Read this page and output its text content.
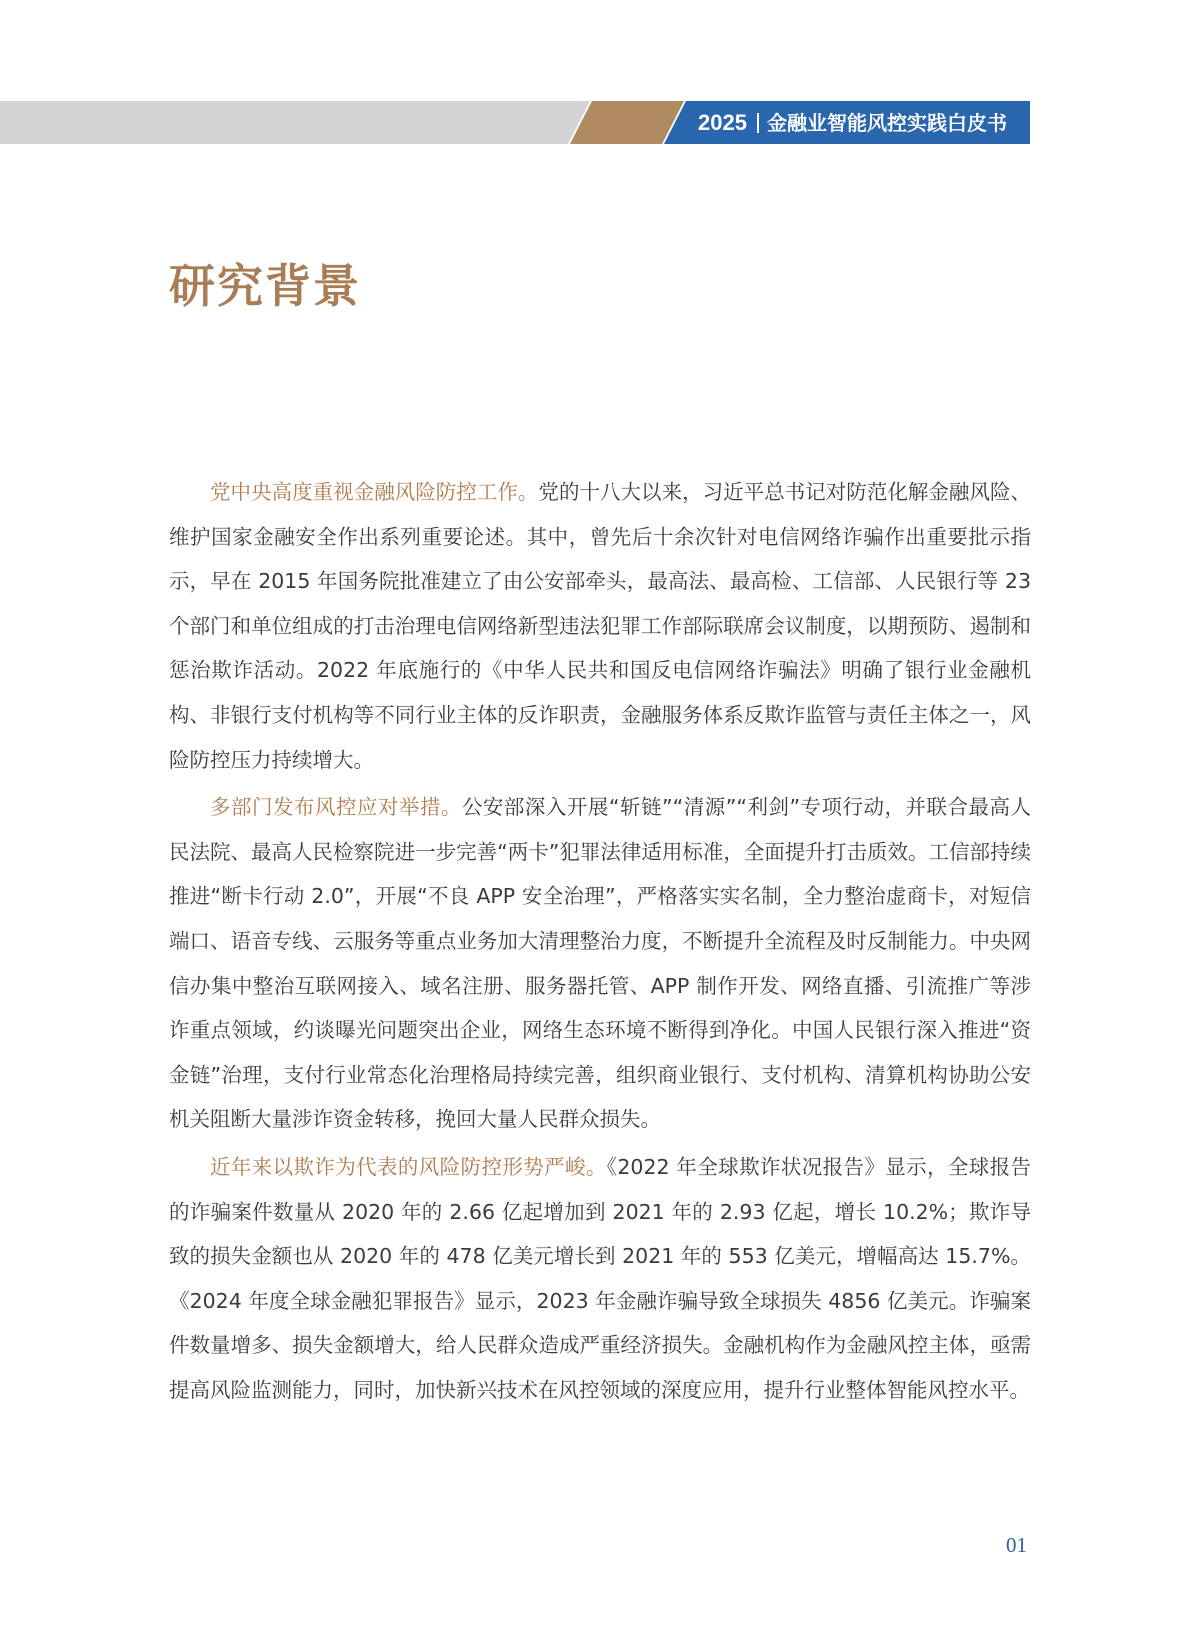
2025 金融业智能风控实践白皮书
研究背景

党中央高度重视金融风险防控工作。党的十八大以来，习近平总书记对防范化解金融风险、维护国家金融安全作出系列重要论述。其中，曾先后十余次针对电信网络诈骗作出重要批示指示，早在 2015 年国务院批准建立了由公安部牵头，最高法、最高检、工信部、人民银行等 23 个部门和单位组成的打击治理电信网络新型违法犯罪工作部际联席会议制度，以期预防、遏制和惩治欺诈活动。2022 年底施行的《中华人民共和国反电信网络诈骗法》明确了银行业金融机构、非银行支付机构等不同行业主体的反诈职责，金融服务体系反欺诈监管与责任主体之一，风险防控压力持续增大。

多部门发布风控应对举措。公安部深入开展“斩链”“清源”“利剑”专项行动，并联合最高人民法院、最高人民检察院进一步完善“两卡”犯罪法律适用标准，全面提升打击质效。工信部持续推进“断卡行动 2.0”，开展“不良 APP 安全治理”，严格落实实名制，全力整治虚商卡，对短信端口、语音专线、云服务等重点业务加大清理整治力度，不断提升全流程及时反制能力。中央网信办集中整治互联网接入、域名注册、服务器托管、APP 制作开发、网络直播、引流推广等涉诈重点领域，约谈曝光问题突出企业，网络生态环境不断得到净化。中国人民银行深入推进“资金链”治理，支付行业常态化治理格局持续完善，组织商业银行、支付机构、清算机构协助公安机关阻断大量涉诈资金转移，挽回大量人民群众损失。

近年来以欺诈为代表的风险防控形势严峻。《2022 年全球欺诈状况报告》显示，全球报告的诈骗案件数量从 2020 年的 2.66 亿起增加到 2021 年的 2.93 亿起，增长 10.2%；欺诈导致的损失金额也从 2020 年的 478 亿美元增长到 2021 年的 553 亿美元，增幅高达 15.7%。《2024 年度全球金融犯罪报告》显示，2023 年金融诈骗导致全球损失 4856 亿美元。诈骗案件数量增多、损失金额增大，给人民群众造成严重经济损失。金融机构作为金融风控主体，亟需提高风险监测能力，同时，加快新兴技术在风控领域的深度应用，提升行业整体智能风控水平。

01
